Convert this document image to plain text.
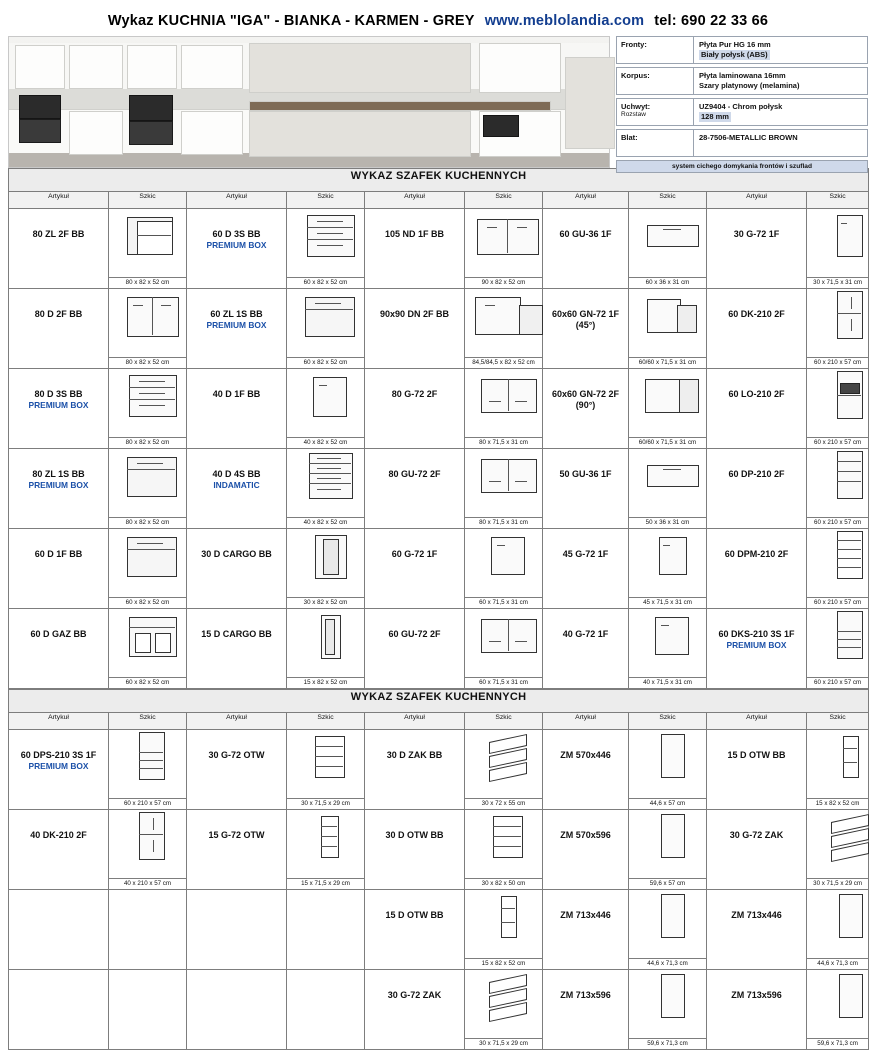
Wykaz KUCHNIA "IGA" - BIANKA - KARMEN - GREY www.meblolandia.com tel: 690 22 33 66
Fronty:	Płyta Pur HG 16 mm
Biały połysk (ABS)
Korpus:	Płyta laminowana 16mm
Szary platynowy (melamina)
Uchwyt:
Rozstaw
UZ9404 - Chrom połysk
128 mm
Blat:	28-7506-METALLIC BROWN
system cichego domykania frontów i szuflad
WYKAZ SZAFEK KUCHENNYCH									
Artykuł	Szkic	Artykuł	Szkic	Artykuł	Szkic	Artykuł	Szkic	Artykuł	Szkic
80 ZL 2F BB	80 x 82 x 52 cm	60 D 3S BB
PREMIUM BOX	60 x 82 x 52 cm	105 ND 1F BB	90 x 82 x 52 cm	60 GU-36 1F	60 x 36 x 31 cm	30 G-72 1F	30 x 71,5 x 31 cm

80 D 2F BB	80 x 82 x 52 cm	60 ZL 1S BB
PREMIUM BOX	60 x 82 x 52 cm	90x90 DN 2F BB	84,5/84,5 x 82 x 52 cm	60x60 GN-72 1F (45°)	60/60 x 71,5 x 31 cm	60 DK-210 2F	60 x 210 x 57 cm

80 D 3S BB
PREMIUM BOX	80 x 82 x 52 cm	40 D 1F BB	40 x 82 x 52 cm	80 G-72 2F	80 x 71,5 x 31 cm	60x60 GN-72 2F (90°)	60/60 x 71,5 x 31 cm	60 LO-210 2F	60 x 210 x 57 cm

80 ZL 1S BB
PREMIUM BOX	80 x 82 x 52 cm	40 D 4S BB
INDAMATIC	40 x 82 x 52 cm	80 GU-72 2F	80 x 71,5 x 31 cm	50 GU-36 1F	50 x 36 x 31 cm	60 DP-210 2F	60 x 210 x 57 cm

60 D 1F BB	60 x 82 x 52 cm	30 D CARGO BB	30 x 82 x 52 cm	60 G-72 1F	60 x 71,5 x 31 cm	45 G-72 1F	45 x 71,5 x 31 cm	60 DPM-210 2F	60 x 210 x 57 cm

60 D GAZ BB	60 x 82 x 52 cm	15 D CARGO BB	15 x 82 x 52 cm	60 GU-72 2F	60 x 71,5 x 31 cm	40 G-72 1F	40 x 71,5 x 31 cm	60 DKS-210 3S 1F
PREMIUM BOX	60 x 210 x 57 cm
WYKAZ SZAFEK KUCHENNYCH									
Artykuł	Szkic	Artykuł	Szkic	Artykuł	Szkic	Artykuł	Szkic	Artykuł	Szkic
60 DPS-210 3S 1F
PREMIUM BOX	60 x 210 x 57 cm	30 G-72 OTW	30 x 71,5 x 29 cm	30 D ZAK BB	30 x 72 x 55 cm	ZM 570x446	44,6 x 57 cm	15 D OTW BB	15 x 82 x 52 cm

40 DK-210 2F	40 x 210 x 57 cm	15 G-72 OTW	15 x 71,5 x 29 cm	30 D OTW BB	30 x 82 x 50 cm	ZM 570x596	59,6 x 57 cm	30 G-72 ZAK	30 x 71,5 x 29 cm

				15 D OTW BB	15 x 82 x 52 cm	ZM 713x446	44,6 x 71,3 cm	ZM 713x446	44,6 x 71,3 cm

				30 G-72 ZAK	30 x 71,5 x 29 cm	ZM 713x596	59,6 x 71,3 cm	ZM 713x596	59,6 x 71,3 cm
